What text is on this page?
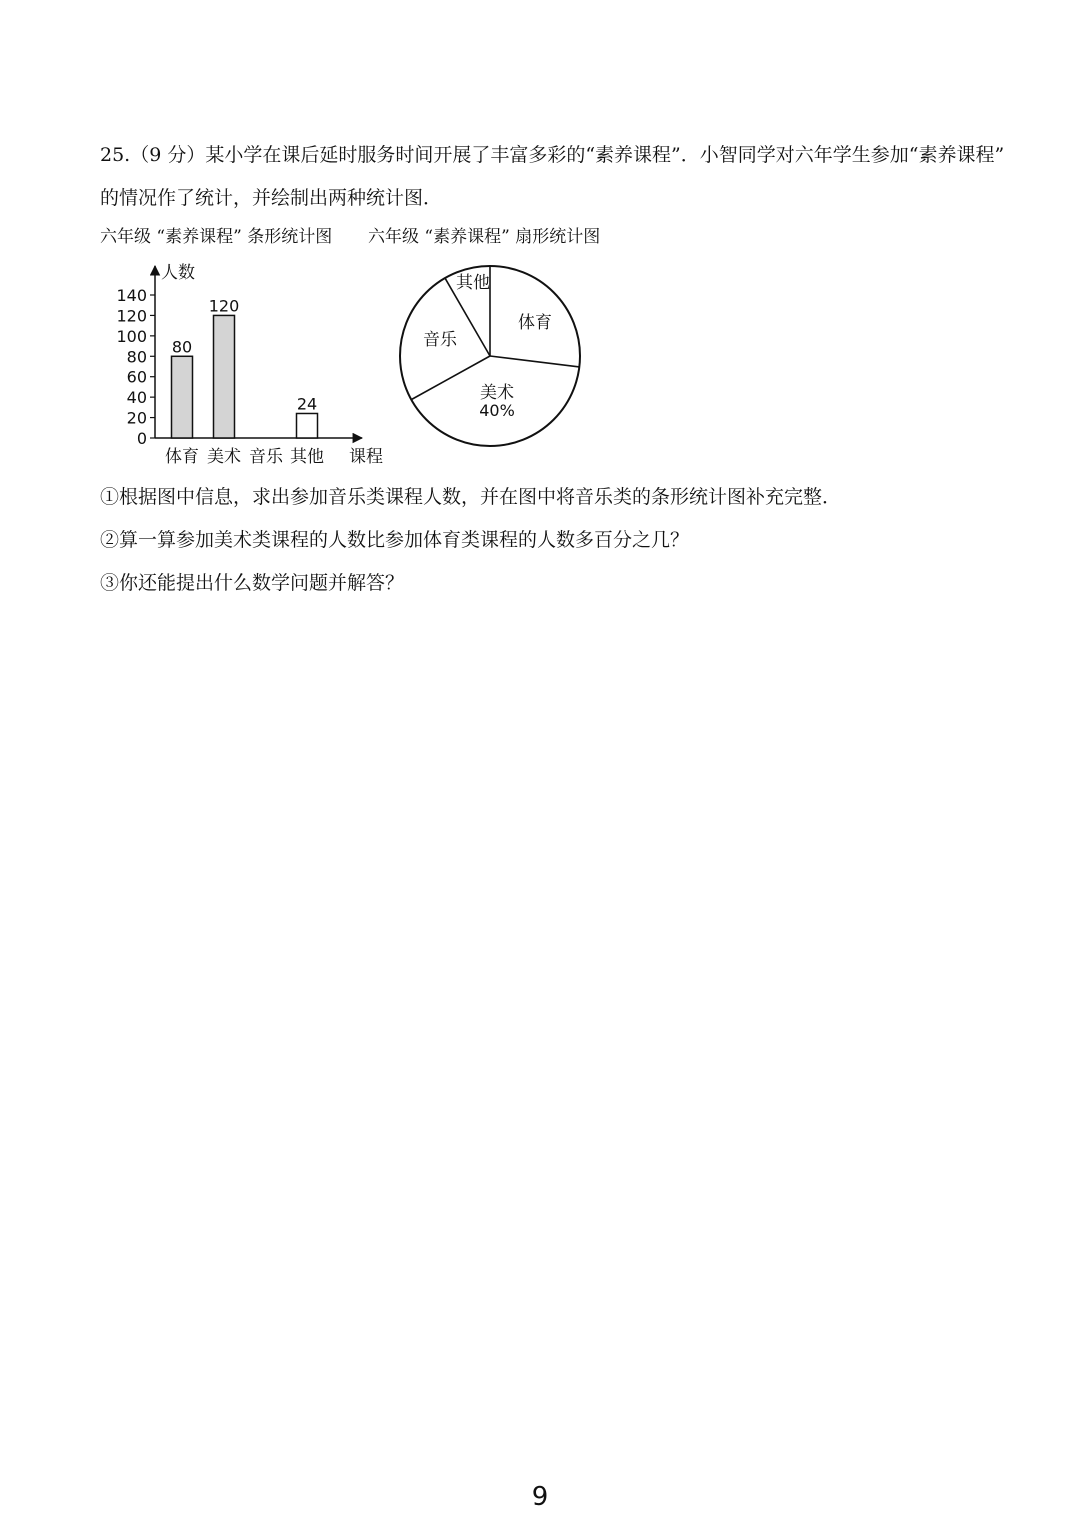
25.（9 分）某小学在课后延时服务时间开展了丰富多彩的“素养课程”．小智同学对六年学生参加“素养课程”
的情况作了统计，并绘制出两种统计图．
六年级 “素养课程” 条形统计图 六年级 “素养课程” 扇形统计图
人数
课程
0
20
40
60
80
100
120
140
体育
80
美术
120
音乐 其他
24
体育
美术
40%
音乐
其他
①根据图中信息，求出参加音乐类课程人数，并在图中将音乐类的条形统计图补充完整．
②算一算参加美术类课程的人数比参加体育类课程的人数多百分之几？
③你还能提出什么数学问题并解答？
9
